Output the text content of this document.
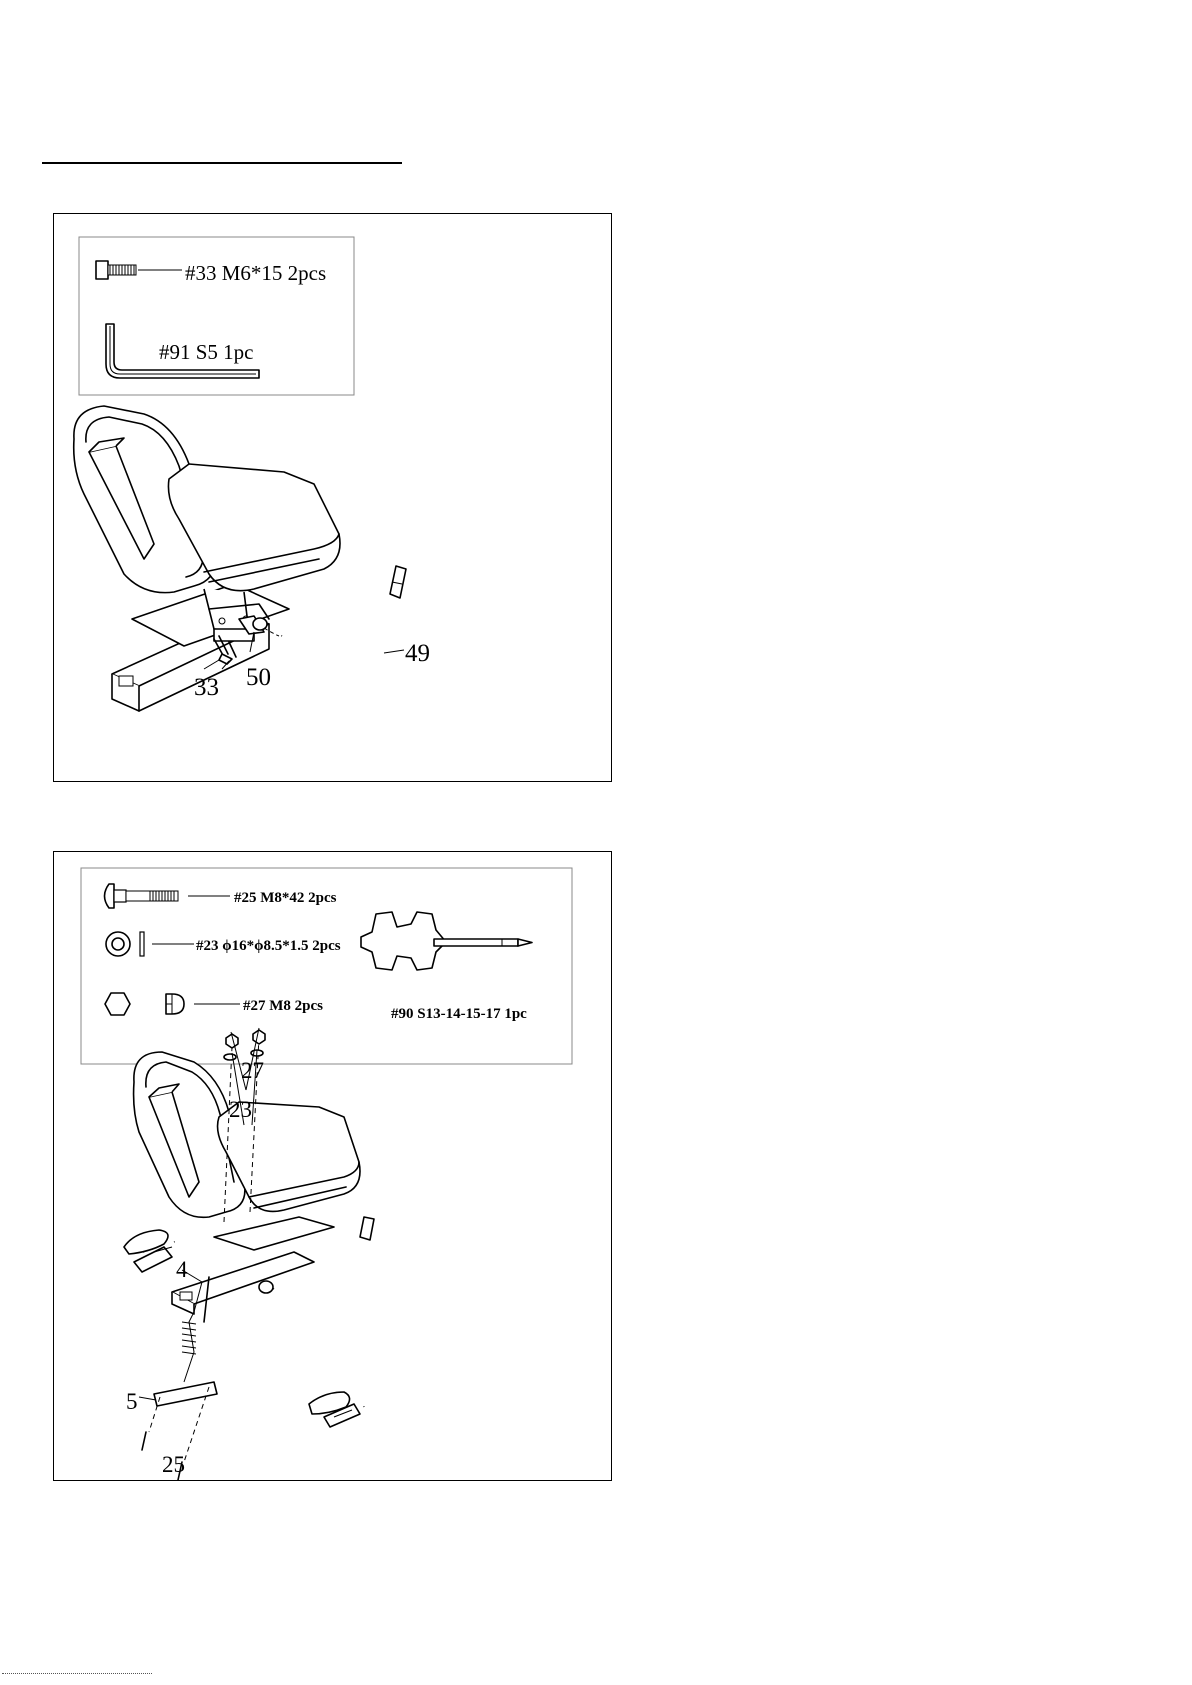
#33 M6*15 2pcs
#91 S5 1pc
33 50
49
#25 M8*42 2pcs
#23 ϕ16*ϕ8.5*1.5 2pcs
#27 M8 2pcs	#90 S13-14-15-17 1pc
27
23
4
5
25
